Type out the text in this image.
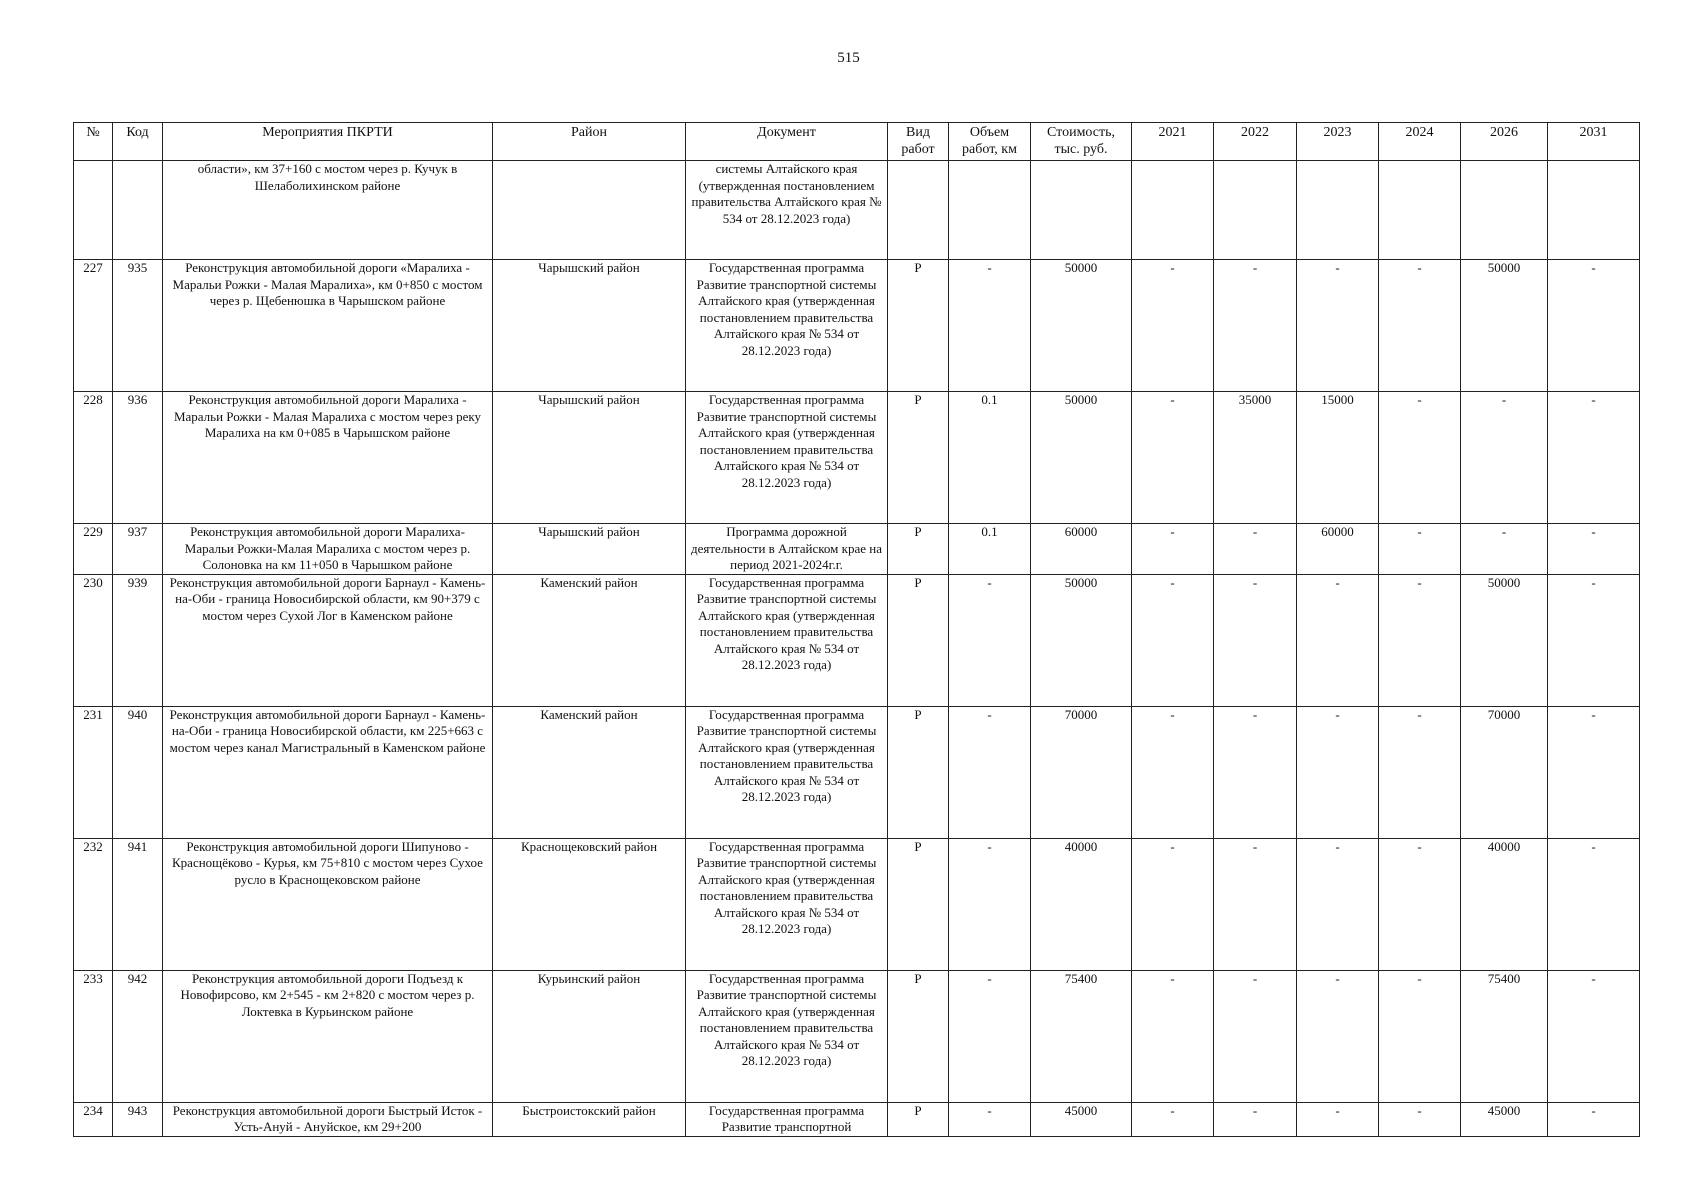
515
№	Код	Мероприятия ПКРТИ	Район	Документ	Вид работ	Объем работ, км	Стоимость, тыс. руб.	2021	2022	2023	2024	2026	2031
		области», км 37+160 с мостом через р. Кучук в Шелаболихинском районе		системы Алтайского края (утвержденная постановлением правительства Алтайского края № 534 от 28.12.2023 года)									
227	935	Реконструкция автомобильной дороги «Маралиха - Маральи Рожки - Малая Маралиха», км 0+850 с мостом через р. Щебенюшка в Чарышском районе	Чарышский район	Государственная программа Развитие транспортной системы Алтайского края (утвержденная постановлением правительства Алтайского края № 534 от 28.12.2023 года)	Р	-	50000	-	-	-	-	50000	-
228	936	Реконструкция автомобильной дороги Маралиха - Маральи Рожки - Малая Маралиха с мостом через реку Маралиха на км 0+085 в Чарышском районе	Чарышский район	Государственная программа Развитие транспортной системы Алтайского края (утвержденная постановлением правительства Алтайского края № 534 от 28.12.2023 года)	Р	0.1	50000	-	35000	15000	-	-	-
229	937	Реконструкция автомобильной дороги Маралиха-Маральи Рожки-Малая Маралиха с мостом через р. Солоновка на км 11+050 в Чарышком районе	Чарышский район	Программа дорожной деятельности в Алтайском крае на период 2021-2024г.г.	Р	0.1	60000	-	-	60000	-	-	-
230	939	Реконструкция автомобильной дороги Барнаул - Камень-на-Оби - граница Новосибирской области, км 90+379 с мостом через Сухой Лог в Каменском районе	Каменский район	Государственная программа Развитие транспортной системы Алтайского края (утвержденная постановлением правительства Алтайского края № 534 от 28.12.2023 года)	Р	-	50000	-	-	-	-	50000	-
231	940	Реконструкция автомобильной дороги Барнаул - Камень-на-Оби - граница Новосибирской области, км 225+663 с мостом через канал Магистральный в Каменском районе	Каменский район	Государственная программа Развитие транспортной системы Алтайского края (утвержденная постановлением правительства Алтайского края № 534 от 28.12.2023 года)	Р	-	70000	-	-	-	-	70000	-
232	941	Реконструкция автомобильной дороги Шипуново - Краснощёково - Курья, км 75+810 с мостом через Сухое русло в Краснощековском районе	Краснощековский район	Государственная программа Развитие транспортной системы Алтайского края (утвержденная постановлением правительства Алтайского края № 534 от 28.12.2023 года)	Р	-	40000	-	-	-	-	40000	-
233	942	Реконструкция автомобильной дороги Подъезд к Новофирсово, км 2+545 - км 2+820 с мостом через р. Локтевка в Курьинском районе	Курьинский район	Государственная программа Развитие транспортной системы Алтайского края (утвержденная постановлением правительства Алтайского края № 534 от 28.12.2023 года)	Р	-	75400	-	-	-	-	75400	-
234	943	Реконструкция автомобильной дороги Быстрый Исток - Усть-Ануй - Ануйское, км 29+200	Быстроистокский район	Государственная программа Развитие транспортной	Р	-	45000	-	-	-	-	45000	-
